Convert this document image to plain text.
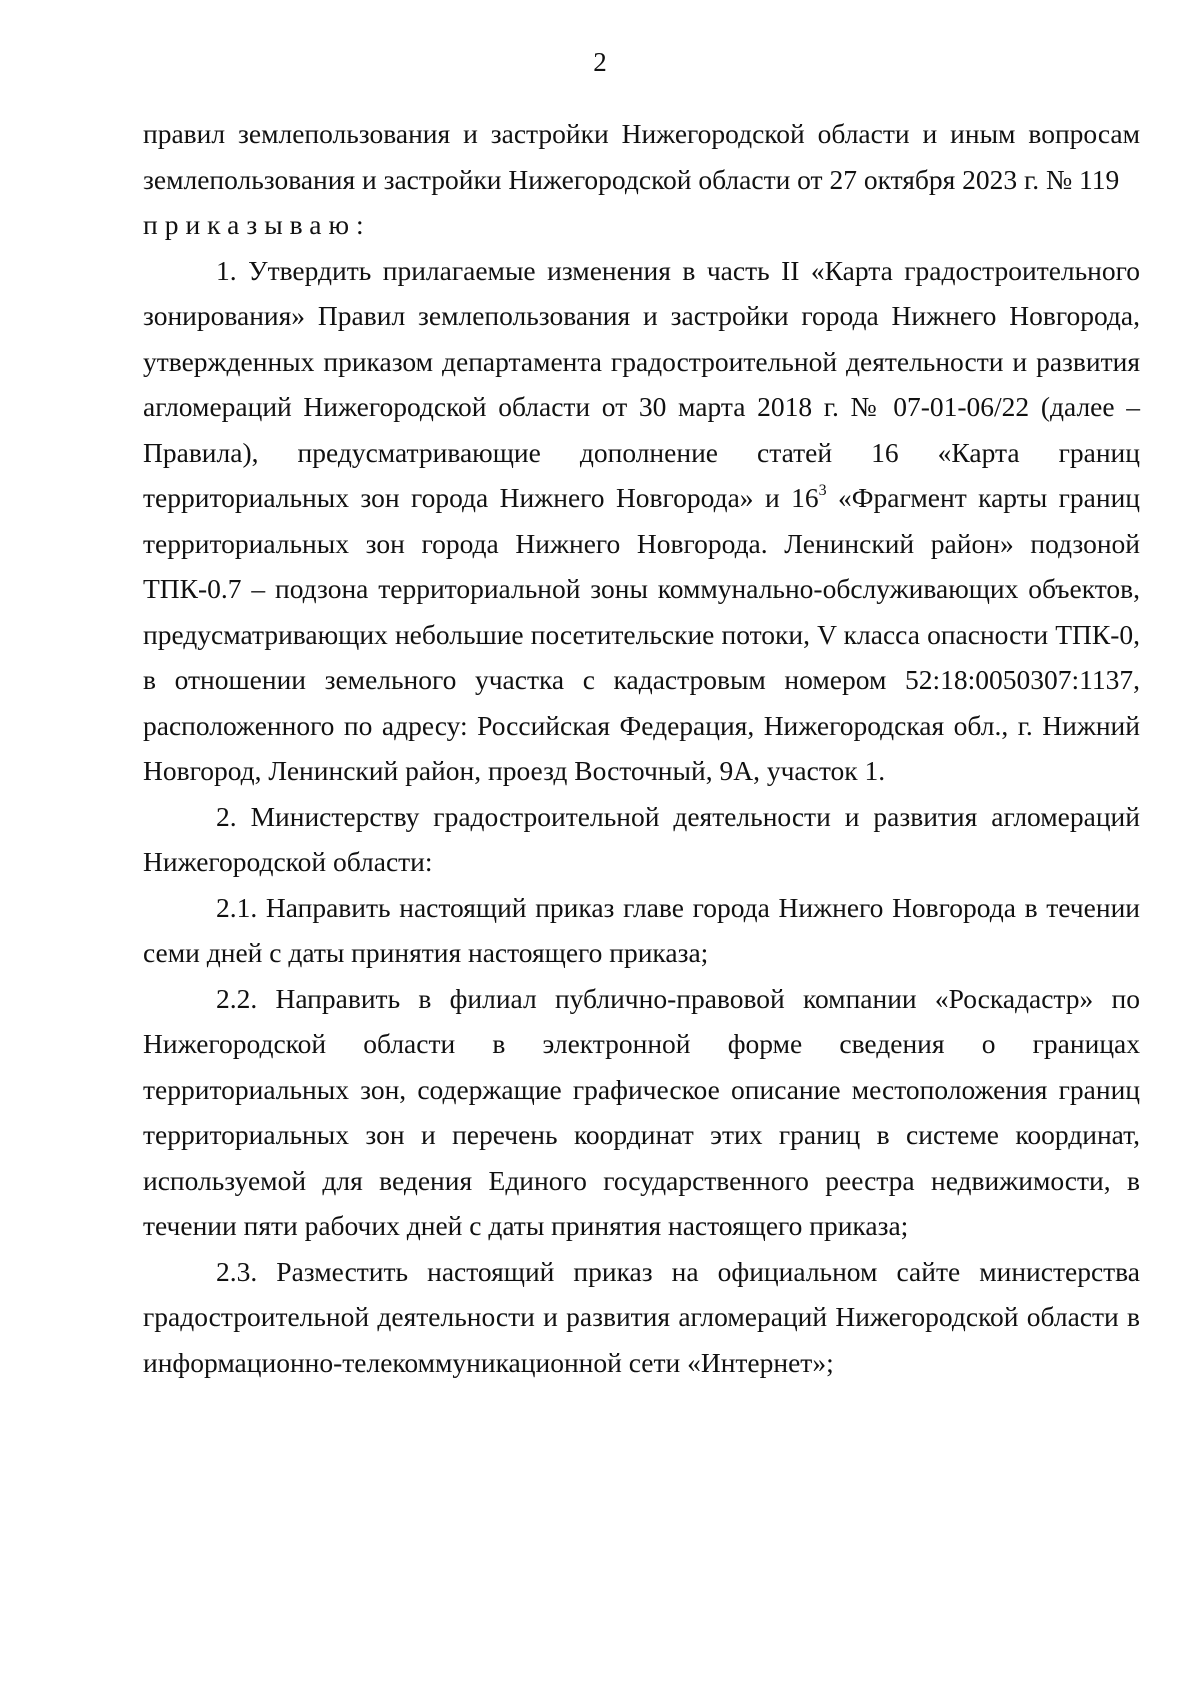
2

правил землепользования и застройки Нижегородской области и иным вопросам землепользования и застройки Нижегородской области от 27 октября 2023 г. № 119

приказываю:

1. Утвердить прилагаемые изменения в часть II «Карта градостроительного зонирования» Правил землепользования и застройки города Нижнего Новгорода, утвержденных приказом департамента градостроительной деятельности и развития агломераций Нижегородской области от 30 марта 2018 г. № 07-01-06/22 (далее – Правила), предусматривающие дополнение статей 16 «Карта границ территориальных зон города Нижнего Новгорода» и $16^3$ «Фрагмент карты границ территориальных зон города Нижнего Новгорода. Ленинский район» подзоной ТПК-0.7 – подзона территориальной зоны коммунально-обслуживающих объектов, предусматривающих небольшие посетительские потоки, V класса опасности ТПК-0, в отношении земельного участка с кадастровым номером 52:18:0050307:1137, расположенного по адресу: Российская Федерация, Нижегородская обл., г. Нижний Новгород, Ленинский район, проезд Восточный, 9А, участок 1.

2. Министерству градостроительной деятельности и развития агломераций Нижегородской области:

2.1. Направить настоящий приказ главе города Нижнего Новгорода в течении семи дней с даты принятия настоящего приказа;

2.2. Направить в филиал публично-правовой компании «Роскадастр» по Нижегородской области в электронной форме сведения о границах территориальных зон, содержащие графическое описание местоположения границ территориальных зон и перечень координат этих границ в системе координат, используемой для ведения Единого государственного реестра недвижимости, в течении пяти рабочих дней с даты принятия настоящего приказа;

2.3. Разместить настоящий приказ на официальном сайте министерства градостроительной деятельности и развития агломераций Нижегородской области в информационно-телекоммуникационной сети «Интернет»;
